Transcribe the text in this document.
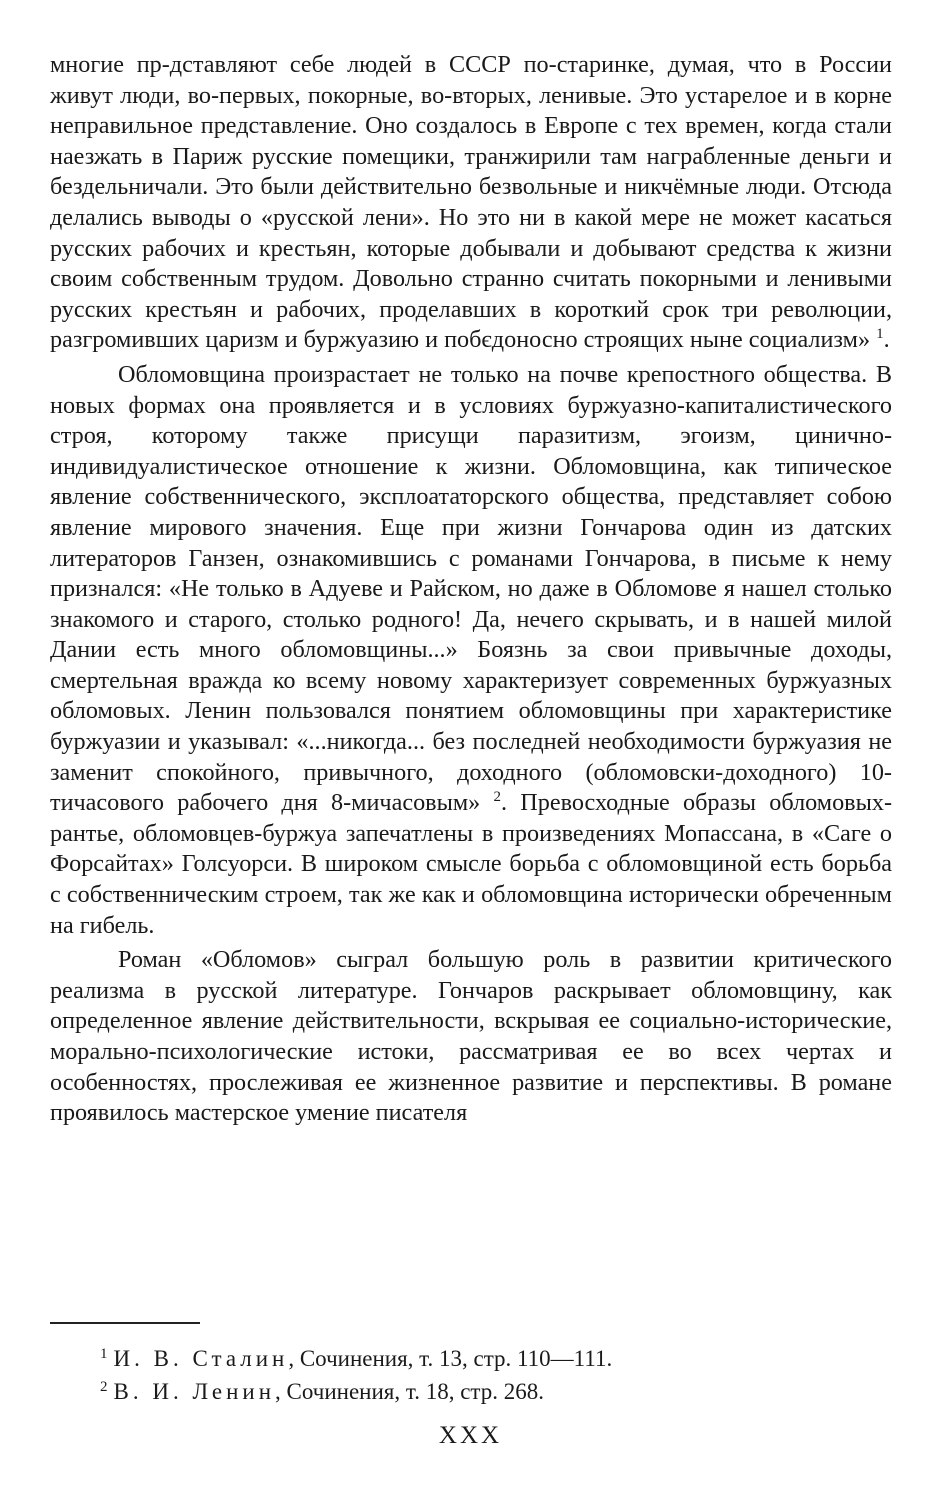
многие пр-дставляют себе людей в СССР по-старинке, думая, что в России живут люди, во-первых, покорные, во-вторых, ленивые. Это устарелое и в корне неправильное представление. Оно создалось в Европе с тех времен, когда стали наезжать в Париж русские помещики, транжирили там награбленные деньги и бездельничали. Это были действительно безвольные и никчёмные люди. Отсюда делались выводы о «русской лени». Но это ни в какой мере не может касаться русских рабочих и крестьян, которые добывали и добывают средства к жизни своим собственным трудом. Довольно странно считать покорными и ленивыми русских крестьян и рабочих, проделавших в короткий срок три революции, разгромивших царизм и буржуазию и побєдоносно строящих ныне социализм» $^1$.

Обломовщина произрастает не только на почве крепостного общества. В новых формах она проявляется и в условиях буржуазно-капиталистического строя, которому также присущи паразитизм, эгоизм, цинично-индивидуалистическое отношение к жизни. Обломовщина, как типическое явление собственнического, эксплоататорского общества, представляет собою явление мирового значения. Еще при жизни Гончарова один из датских литераторов Ганзен, ознакомившись с романами Гончарова, в письме к нему признался: «Не только в Адуеве и Райском, но даже в Обломове я нашел столько знакомого и старого, столько родного! Да, нечего скрывать, и в нашей милой Дании есть много обломовщины...» Боязнь за свои привычные доходы, смертельная вражда ко всему новому характеризует современных буржуазных обломовых. Ленин пользовался понятием обломовщины при характеристике буржуазии и указывал: «...никогда... без последней необходимости буржуазия не заменит спокойного, привычного, доходного (обломовски-доходного) 10-тичасового рабочего дня 8-мичасовым» $^2$. Превосходные образы обломовых-рантье, обломовцев-буржуа запечатлены в произведениях Мопассана, в «Саге о Форсайтах» Голсуорси. В широком смысле борьба с обломовщиной есть борьба с собственническим строем, так же как и обломовщина исторически обреченным на гибель.

Роман «Обломов» сыграл большую роль в развитии критического реализма в русской литературе. Гончаров раскрывает обломовщину, как определенное явление действительности, вскрывая ее социально-исторические, морально-психологические истоки, рассматривая ее во всех чертах и особенностях, прослеживая ее жизненное развитие и перспективы. В романе проявилось мастерское умение писателя

1 И. В. Сталин, Сочинения, т. 13, стр. 110—111.

2 В. И. Ленин, Сочинения, т. 18, стр. 268.

XXX
